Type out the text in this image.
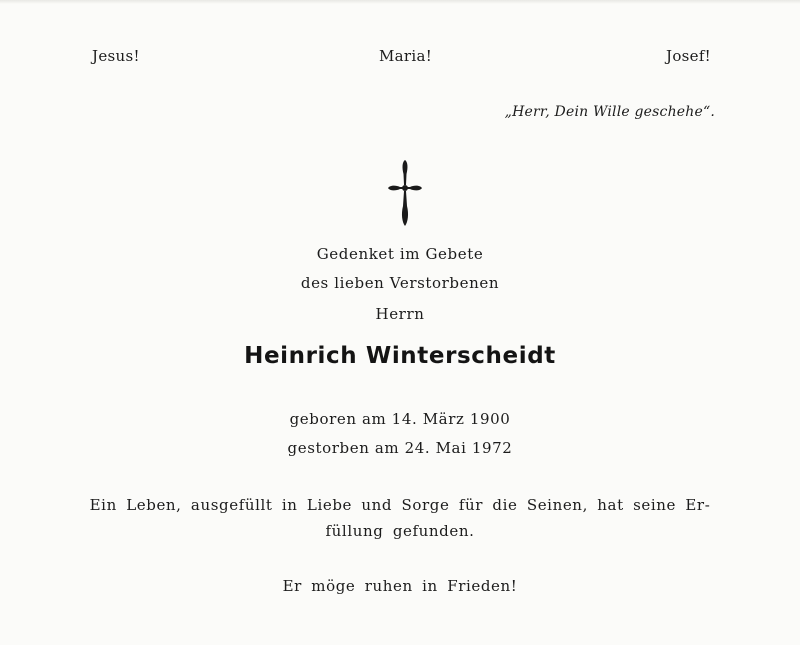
Jesus!	Maria!	Josef!
„Herr, Dein Wille geschehe“.
Gedenket im Gebete
des lieben Verstorbenen
Herrn
Heinrich Winterscheidt
geboren am 14. März 1900
gestorben am 24. Mai 1972
Ein Leben, ausgefüllt in Liebe und Sorge für die Seinen, hat seine Er-
füllung gefunden.
Er möge ruhen in Frieden!
